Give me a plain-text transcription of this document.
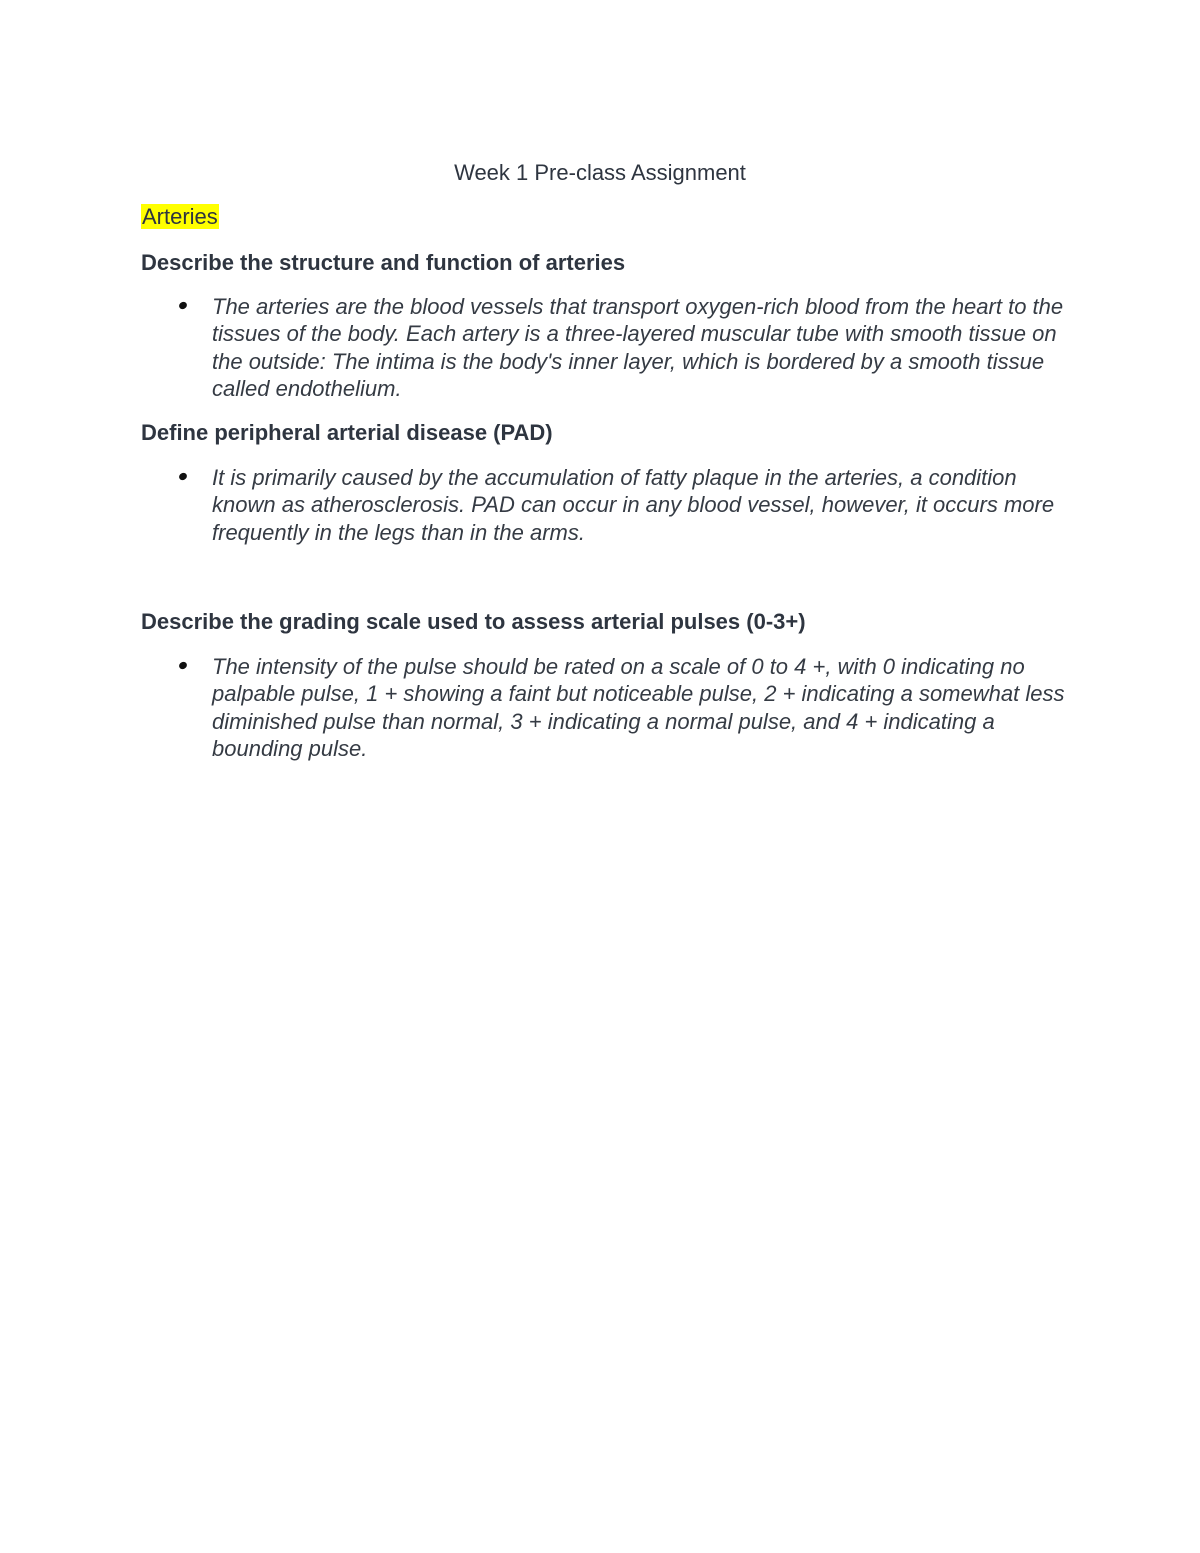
Week 1 Pre-class Assignment

Arteries

Describe the structure and function of arteries

The arteries are the blood vessels that transport oxygen-rich blood from the heart to the tissues of the body. Each artery is a three-layered muscular tube with smooth tissue on the outside: The intima is the body's inner layer, which is bordered by a smooth tissue called endothelium.

Define peripheral arterial disease (PAD)

It is primarily caused by the accumulation of fatty plaque in the arteries, a condition known as atherosclerosis. PAD can occur in any blood vessel, however, it occurs more frequently in the legs than in the arms.

Describe the grading scale used to assess arterial pulses (0-3+)

The intensity of the pulse should be rated on a scale of 0 to 4 +, with 0 indicating no palpable pulse, 1 + showing a faint but noticeable pulse, 2 + indicating a somewhat less diminished pulse than normal, 3 + indicating a normal pulse, and 4 + indicating a bounding pulse.
